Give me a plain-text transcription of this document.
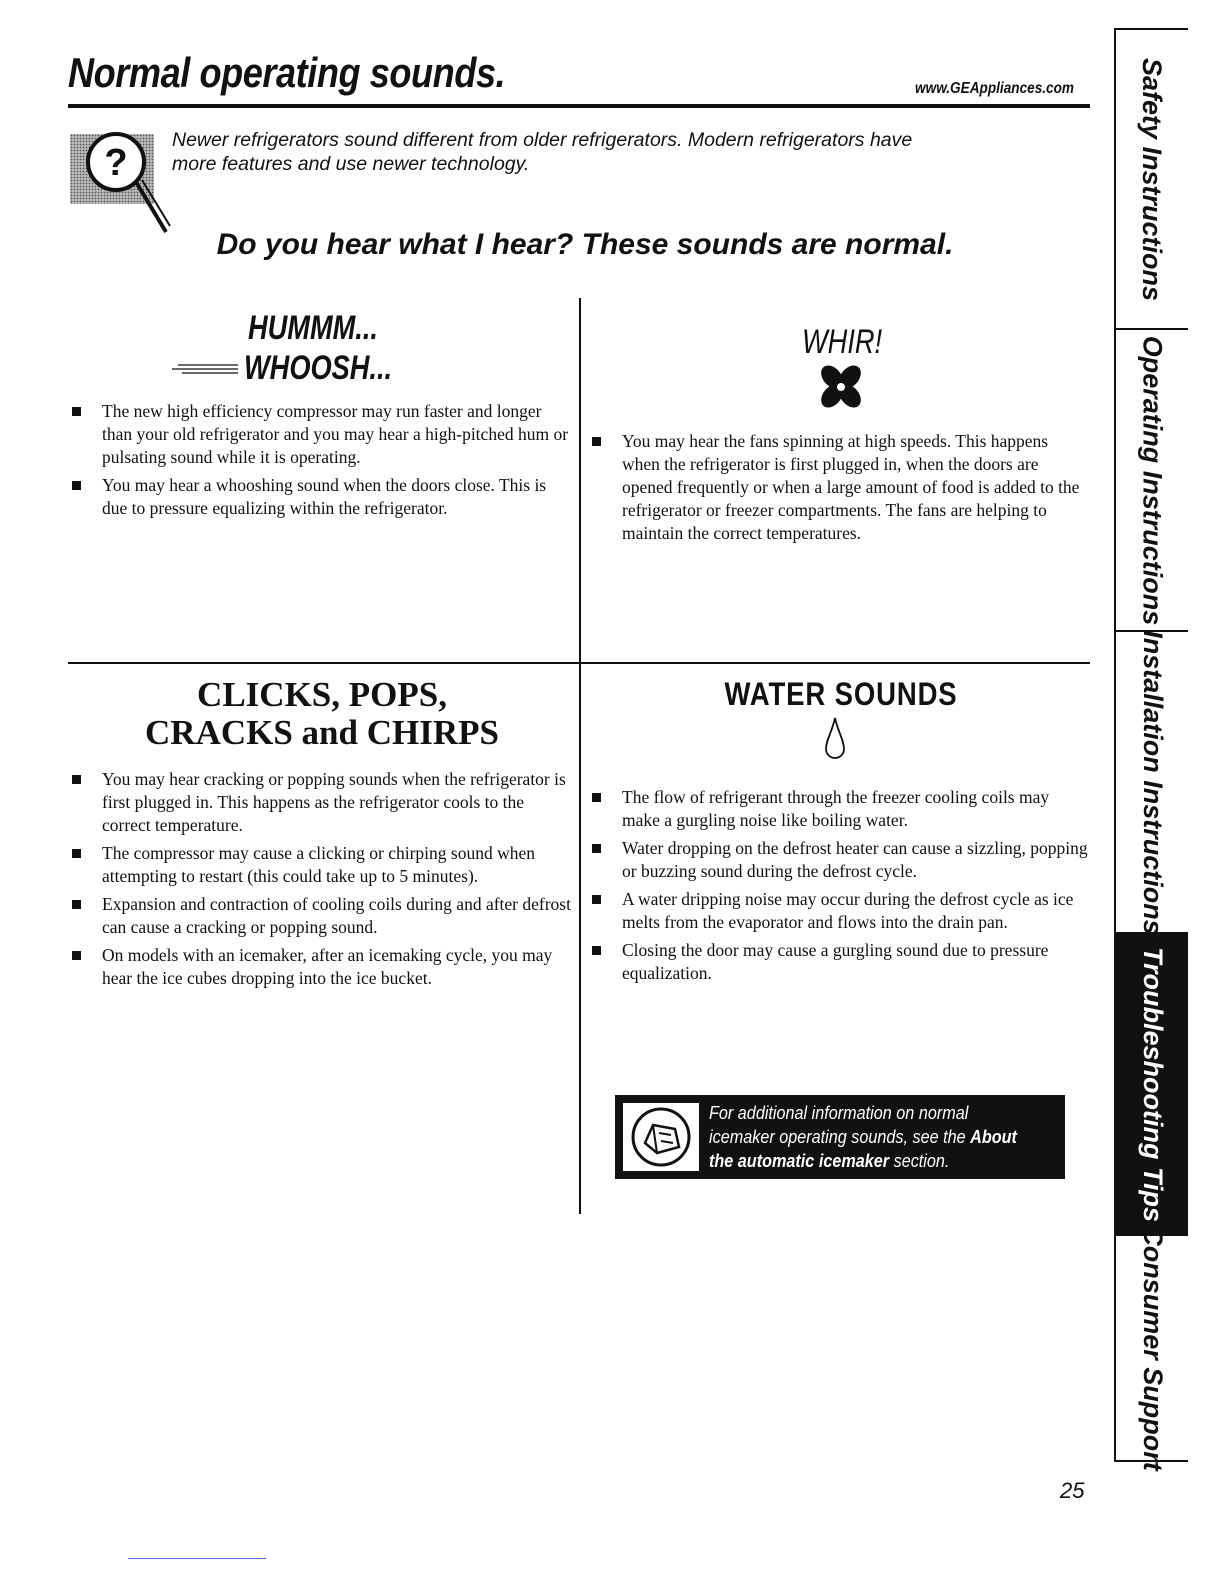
Normal operating sounds.	www.GEAppliances.com
?
Newer refrigerators sound different from older refrigerators. Modern refrigerators have more features and use newer technology.
Do you hear what I hear? These sounds are normal.
HUMMM...
WHOOSH...
The new high efficiency compressor may run faster and longer than your old refrigerator and you may hear a high-pitched hum or pulsating sound while it is operating.
You may hear a whooshing sound when the doors close. This is due to pressure equalizing within the refrigerator.
WHIR!
You may hear the fans spinning at high speeds. This happens when the refrigerator is first plugged in, when the doors are opened frequently or when a large amount of food is added to the refrigerator or freezer compartments. The fans are helping to maintain the correct temperatures.
CLICKS, POPS,
CRACKS and CHIRPS
You may hear cracking or popping sounds when the refrigerator is first plugged in. This happens as the refrigerator cools to the correct temperature.
The compressor may cause a clicking or chirping sound when attempting to restart (this could take up to 5 minutes).
Expansion and contraction of cooling coils during and after defrost can cause a cracking or popping sound.
On models with an icemaker, after an icemaking cycle, you may hear the ice cubes dropping into the ice bucket.
WATER SOUNDS
The flow of refrigerant through the freezer cooling coils may make a gurgling noise like boiling water.
Water dropping on the defrost heater can cause a sizzling, popping or buzzing sound during the defrost cycle.
A water dripping noise may occur during the defrost cycle as ice melts from the evaporator and flows into the drain pan.
Closing the door may cause a gurgling sound due to pressure equalization.
For additional information on normal icemaker operating sounds, see the About the automatic icemaker section.
Safety Instructions
Operating Instructions
Installation Instructions
Troubleshooting Tips
Consumer Support
25
